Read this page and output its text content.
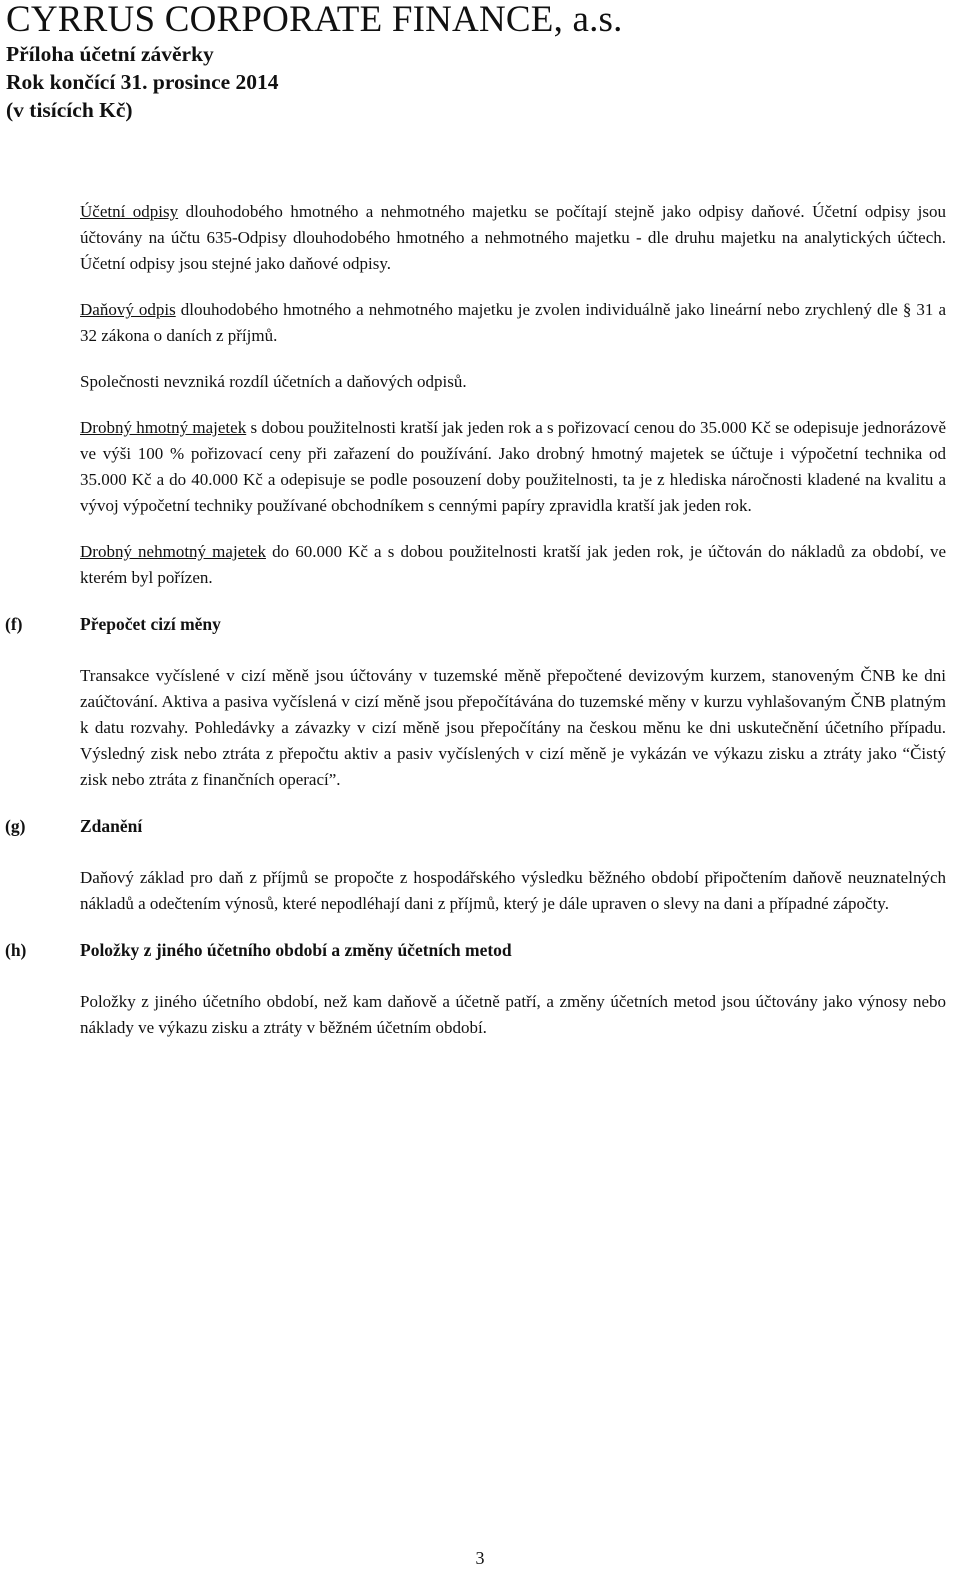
CYRRUS CORPORATE FINANCE, a.s.
Příloha účetní závěrky
Rok končící 31. prosince 2014
(v tisících Kč)

Účetní odpisy dlouhodobého hmotného a nehmotného majetku se počítají stejně jako odpisy daňové. Účetní odpisy jsou účtovány na účtu 635-Odpisy dlouhodobého hmotného a nehmotného majetku - dle druhu majetku na analytických účtech. Účetní odpisy jsou stejné jako daňové odpisy.

Daňový odpis dlouhodobého hmotného a nehmotného majetku je zvolen individuálně jako lineární nebo zrychlený dle § 31 a 32 zákona o daních z příjmů.

Společnosti nevzniká rozdíl účetních a daňových odpisů.

Drobný hmotný majetek s dobou použitelnosti kratší jak jeden rok a s pořizovací cenou do 35.000 Kč se odepisuje jednorázově ve výši 100 % pořizovací ceny při zařazení do používání. Jako drobný hmotný majetek se účtuje i výpočetní technika od 35.000 Kč a do 40.000 Kč a odepisuje se podle posouzení doby použitelnosti, ta je z hlediska náročnosti kladené na kvalitu a vývoj výpočetní techniky používané obchodníkem s cennými papíry zpravidla kratší jak jeden rok.

Drobný nehmotný majetek do 60.000 Kč a s dobou použitelnosti kratší jak jeden rok, je účtován do nákladů za období, ve kterém byl pořízen.

(f)	Přepočet cizí měny

Transakce vyčíslené v cizí měně jsou účtovány v tuzemské měně přepočtené devizovým kurzem, stanoveným ČNB ke dni zaúčtování. Aktiva a pasiva vyčíslená v cizí měně jsou přepočítávána do tuzemské měny v kurzu vyhlašovaným ČNB platným k datu rozvahy. Pohledávky a závazky v cizí měně jsou přepočítány na českou měnu ke dni uskutečnění účetního případu. Výsledný zisk nebo ztráta z přepočtu aktiv a pasiv vyčíslených v cizí měně je vykázán ve výkazu zisku a ztráty jako “Čistý zisk nebo ztráta z finančních operací”.

(g)	Zdanění

Daňový základ pro daň z příjmů se propočte z hospodářského výsledku běžného období připočtením daňově neuznatelných nákladů a odečtením výnosů, které nepodléhají dani z příjmů, který je dále upraven o slevy na dani a případné zápočty.

(h)	Položky z jiného účetního období a změny účetních metod

Položky z jiného účetního období, než kam daňově a účetně patří, a změny účetních metod jsou účtovány jako výnosy nebo náklady ve výkazu zisku a ztráty v běžném účetním období.

3
